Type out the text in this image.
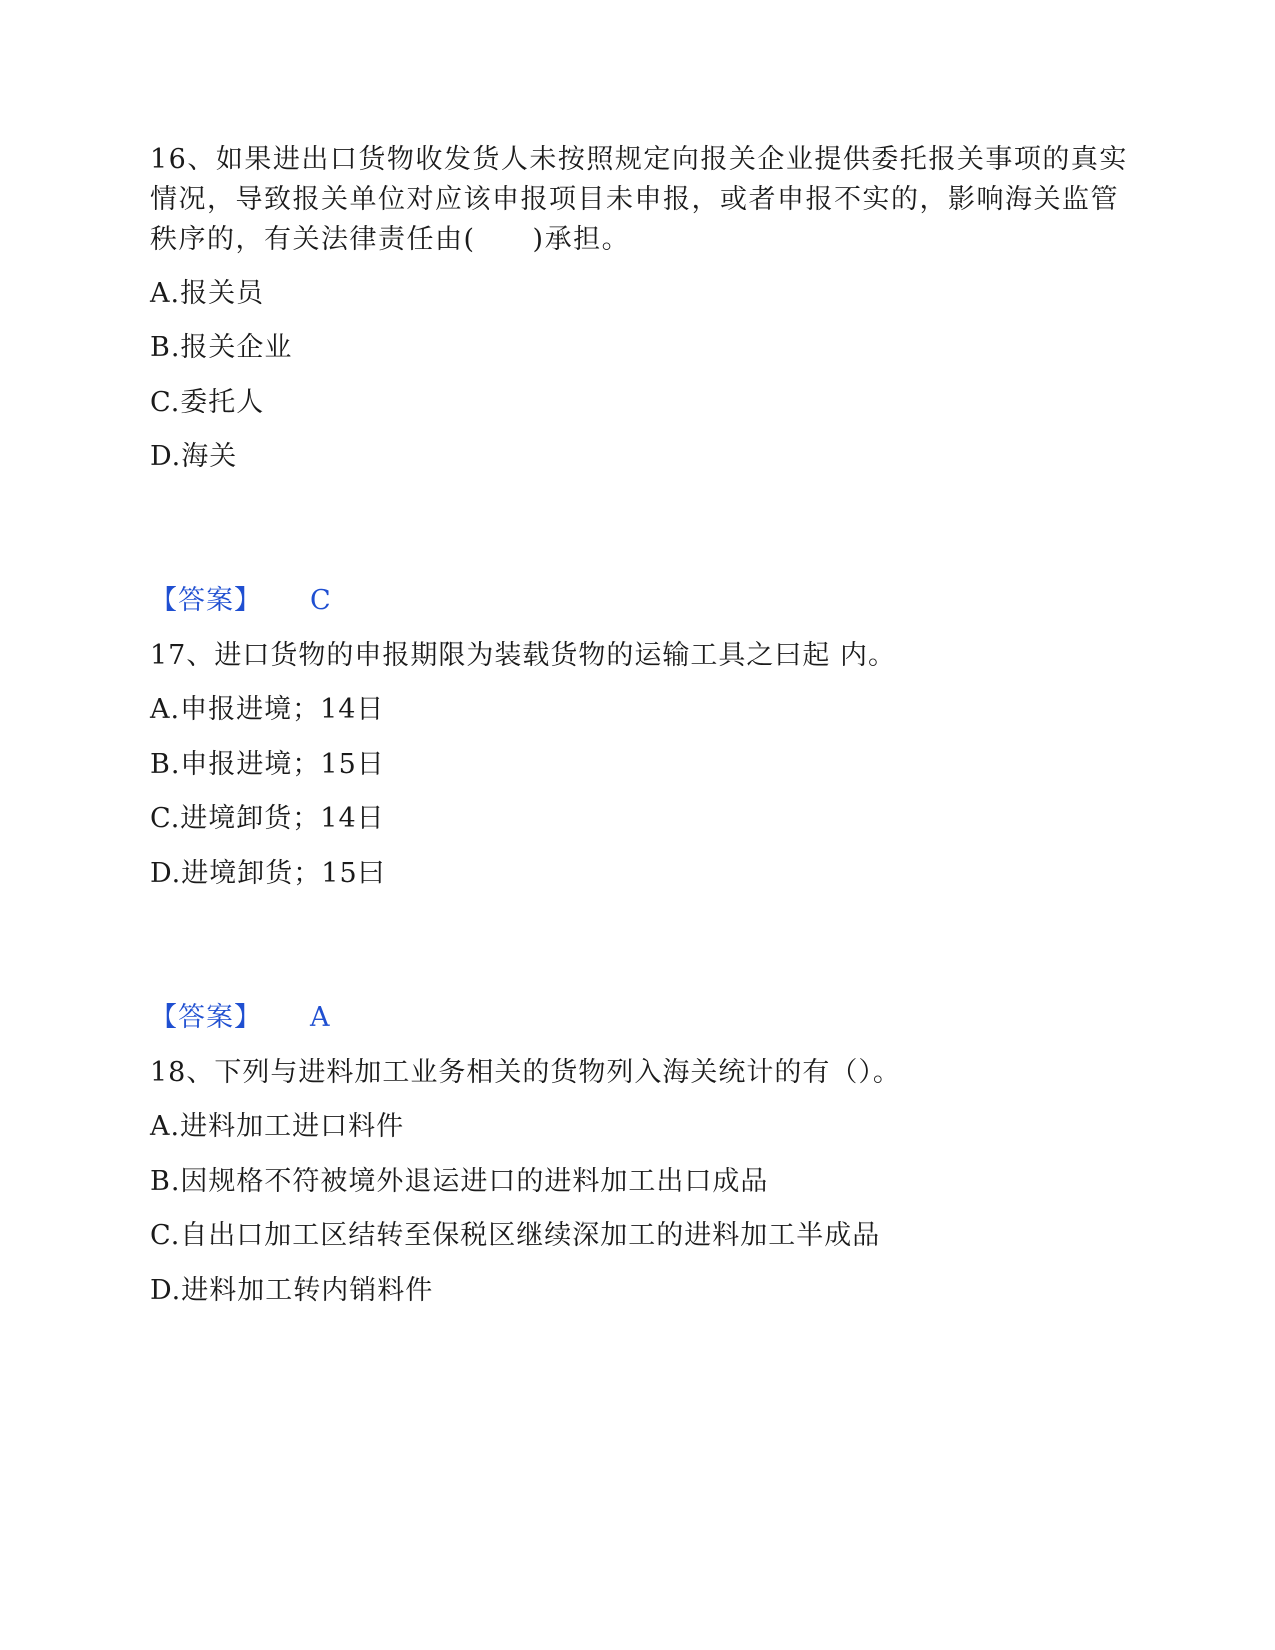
16、如果进出口货物收发货人未按照规定向报关企业提供委托报关事项的真实情况，导致报关单位对应该申报项目未申报，或者申报不实的，影响海关监管秩序的，有关法律责任由(　　)承担。
A.报关员
B.报关企业
C.委托人
D.海关
【答案】 C
17、进口货物的申报期限为装载货物的运输工具之曰起 内。
A.申报进境；14日
B.申报进境；15日
C.进境卸货；14日
D.进境卸货；15曰
【答案】 A
18、下列与进料加工业务相关的货物列入海关统计的有（）。
A.进料加工进口料件
B.因规格不符被境外退运进口的进料加工出口成品
C.自出口加工区结转至保税区继续深加工的进料加工半成品
D.进料加工转内销料件
